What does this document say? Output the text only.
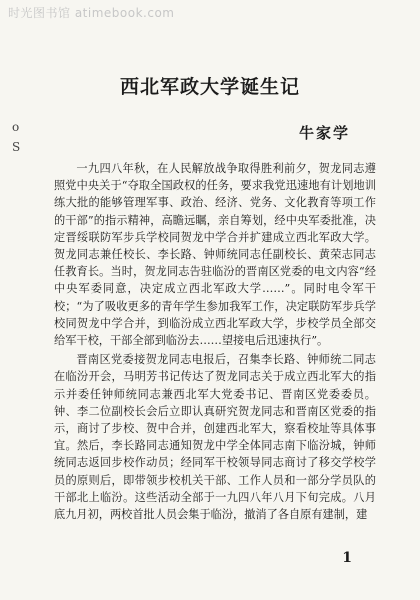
时光图书馆 atimebook.com
o
S
西北军政大学诞生记
牛家学

一九四八年秋，在人民解放战争取得胜利前夕，贺龙同志遵照党中央关于“夺取全国政权的任务，要求我党迅速地有计划地训练大批的能够管理军事、政治、经济、党务、文化教育等项工作的干部”的指示精神，高瞻远瞩，亲自筹划，经中央军委批准，决定晋绥联防军步兵学校同贺龙中学合并扩建成立西北军政大学。贺龙同志兼任校长、李长路、钟师统同志任副校长、黄荣志同志任教育长。当时，贺龙同志告驻临汾的晋南区党委的电文内容“经中央军委同意，决定成立西北军政大学……”。同时电令军干校；“为了吸收更多的青年学生参加我军工作，决定联防军步兵学校同贺龙中学合并，到临汾成立西北军政大学，步校学员全部交给军干校，干部全部到临汾去……望接电后迅速执行”。

晋南区党委接贺龙同志电报后，召集李长路、钟师统二同志在临汾开会，马明芳书记传达了贺龙同志关于成立西北军大的指示并委任钟师统同志兼西北军大党委书记、晋南区党委委员。钟、李二位副校长会后立即认真研究贺龙同志和晋南区党委的指示，商讨了步校、贺中合并，创建西北军大，察看校址等具体事宜。然后，李长路同志通知贺龙中学全体同志南下临汾城，钟师统同志返回步校作动员；经同军干校领导同志商讨了移交学校学员的原则后，即带领步校机关干部、工作人员和一部分学员队的干部北上临汾。这些活动全部于一九四八年八月下旬完成。八月底九月初，两校首批人员会集于临汾，撤消了各自原有建制，建

1
